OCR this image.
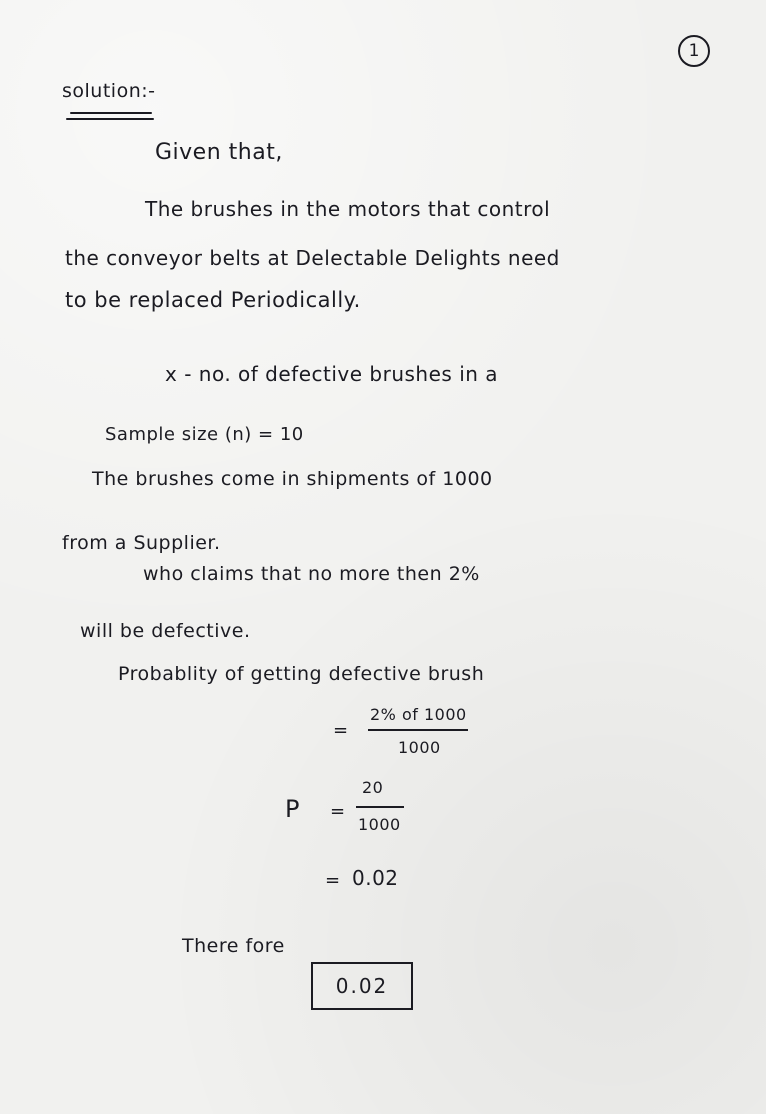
1
solution:-
Given that,
The brushes in the motors that control
the conveyor belts at Delectable Delights need
to be replaced Periodically.
x - no. of defective brushes in a
Sample size (n) = 10
The brushes come in shipments of 1000
from a Supplier.
who claims that no more then 2%
will be defective.
Probablity of getting defective brush
=
2% of 1000
1000
P =
20
1000
= 0.02
There fore
0.02
